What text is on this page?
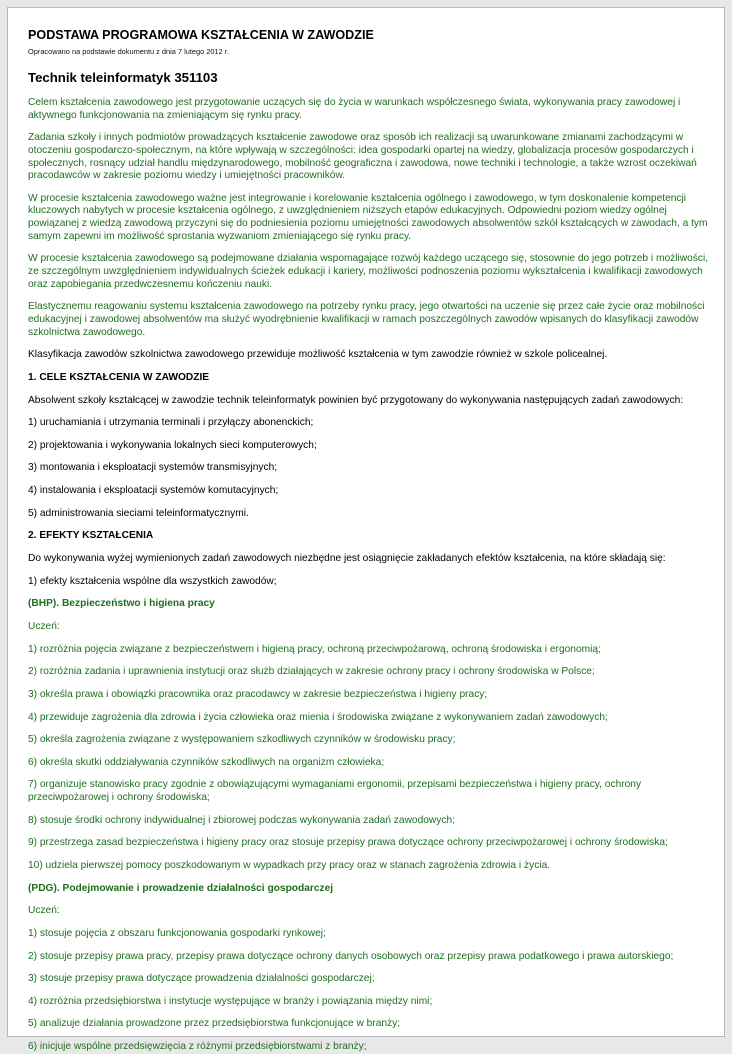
PODSTAWA PROGRAMOWA KSZTAŁCENIA W ZAWODZIE
Opracowano na podstawie dokumentu z dnia 7 lutego 2012 r.
Technik teleinformatyk 351103

Celem kształcenia zawodowego jest przygotowanie uczących się do życia w warunkach współczesnego świata, wykonywania pracy zawodowej i aktywnego funkcjonowania na zmieniającym się rynku pracy.

Zadania szkoły i innych podmiotów prowadzących kształcenie zawodowe oraz sposób ich realizacji są uwarunkowane zmianami zachodzącymi w otoczeniu gospodarczo-społecznym, na które wpływają w szczególności: idea gospodarki opartej na wiedzy, globalizacja procesów gospodarczych i społecznych, rosnący udział handlu międzynarodowego, mobilność geograficzna i zawodowa, nowe techniki i technologie, a także wzrost oczekiwań pracodawców w zakresie poziomu wiedzy i umiejętności pracowników.

W procesie kształcenia zawodowego ważne jest integrowanie i korelowanie kształcenia ogólnego i zawodowego, w tym doskonalenie kompetencji kluczowych nabytych w procesie kształcenia ogólnego, z uwzględnieniem niższych etapów edukacyjnych. Odpowiedni poziom wiedzy ogólnej powiązanej z wiedzą zawodową przyczyni się do podniesienia poziomu umiejętności zawodowych absolwentów szkół kształcących w zawodach, a tym samym zapewni im możliwość sprostania wyzwaniom zmieniającego się rynku pracy.

W procesie kształcenia zawodowego są podejmowane działania wspomagające rozwój każdego uczącego się, stosownie do jego potrzeb i możliwości, ze szczególnym uwzględnieniem indywidualnych ścieżek edukacji i kariery, możliwości podnoszenia poziomu wykształcenia i kwalifikacji zawodowych oraz zapobiegania przedwczesnemu kończeniu nauki.

Elastycznemu reagowaniu systemu kształcenia zawodowego na potrzeby rynku pracy, jego otwartości na uczenie się przez całe życie oraz mobilności edukacyjnej i zawodowej absolwentów ma służyć wyodrębnienie kwalifikacji w ramach poszczególnych zawodów wpisanych do klasyfikacji zawodów szkolnictwa zawodowego.

Klasyfikacja zawodów szkolnictwa zawodowego przewiduje możliwość kształcenia w tym zawodzie również w szkole policealnej.

1. CELE KSZTAŁCENIA W ZAWODZIE

Absolwent szkoły kształcącej w zawodzie technik teleinformatyk powinien być przygotowany do wykonywania następujących zadań zawodowych:

1) uruchamiania i utrzymania terminali i przyłączy abonenckich;

2) projektowania i wykonywania lokalnych sieci komputerowych;

3) montowania i eksploatacji systemów transmisyjnych;

4) instalowania i eksploatacji systemów komutacyjnych;

5) administrowania sieciami teleinformatycznymi.

2. EFEKTY KSZTAŁCENIA

Do wykonywania wyżej wymienionych zadań zawodowych niezbędne jest osiągnięcie zakładanych efektów kształcenia, na które składają się:

1) efekty kształcenia wspólne dla wszystkich zawodów;

(BHP). Bezpieczeństwo i higiena pracy

Uczeń:

1) rozróżnia pojęcia związane z bezpieczeństwem i higieną pracy, ochroną przeciwpożarową, ochroną środowiska i ergonomią;

2) rozróżnia zadania i uprawnienia instytucji oraz służb działających w zakresie ochrony pracy i ochrony środowiska w Polsce;

3) określa prawa i obowiązki pracownika oraz pracodawcy w zakresie bezpieczeństwa i higieny pracy;

4) przewiduje zagrożenia dla zdrowia i życia człowieka oraz mienia i środowiska związane z wykonywaniem zadań zawodowych;

5) określa zagrożenia związane z występowaniem szkodliwych czynników w środowisku pracy;

6) określa skutki oddziaływania czynników szkodliwych na organizm człowieka;

7) organizuje stanowisko pracy zgodnie z obowiązującymi wymaganiami ergonomii, przepisami bezpieczeństwa i higieny pracy, ochrony przeciwpożarowej i ochrony środowiska;

8) stosuje środki ochrony indywidualnej i zbiorowej podczas wykonywania zadań zawodowych;

9) przestrzega zasad bezpieczeństwa i higieny pracy oraz stosuje przepisy prawa dotyczące ochrony przeciwpożarowej i ochrony środowiska;

10) udziela pierwszej pomocy poszkodowanym w wypadkach przy pracy oraz w stanach zagrożenia zdrowia i życia.

(PDG). Podejmowanie i prowadzenie działalności gospodarczej

Uczeń:

1) stosuje pojęcia z obszaru funkcjonowania gospodarki rynkowej;

2) stosuje przepisy prawa pracy, przepisy prawa dotyczące ochrony danych osobowych oraz przepisy prawa podatkowego i prawa autorskiego;

3) stosuje przepisy prawa dotyczące prowadzenia działalności gospodarczej;

4) rozróżnia przedsiębiorstwa i instytucje występujące w branży i powiązania między nimi;

5) analizuje działania prowadzone przez przedsiębiorstwa funkcjonujące w branży;

6) inicjuje wspólne przedsięwzięcia z różnymi przedsiębiorstwami z branży;
